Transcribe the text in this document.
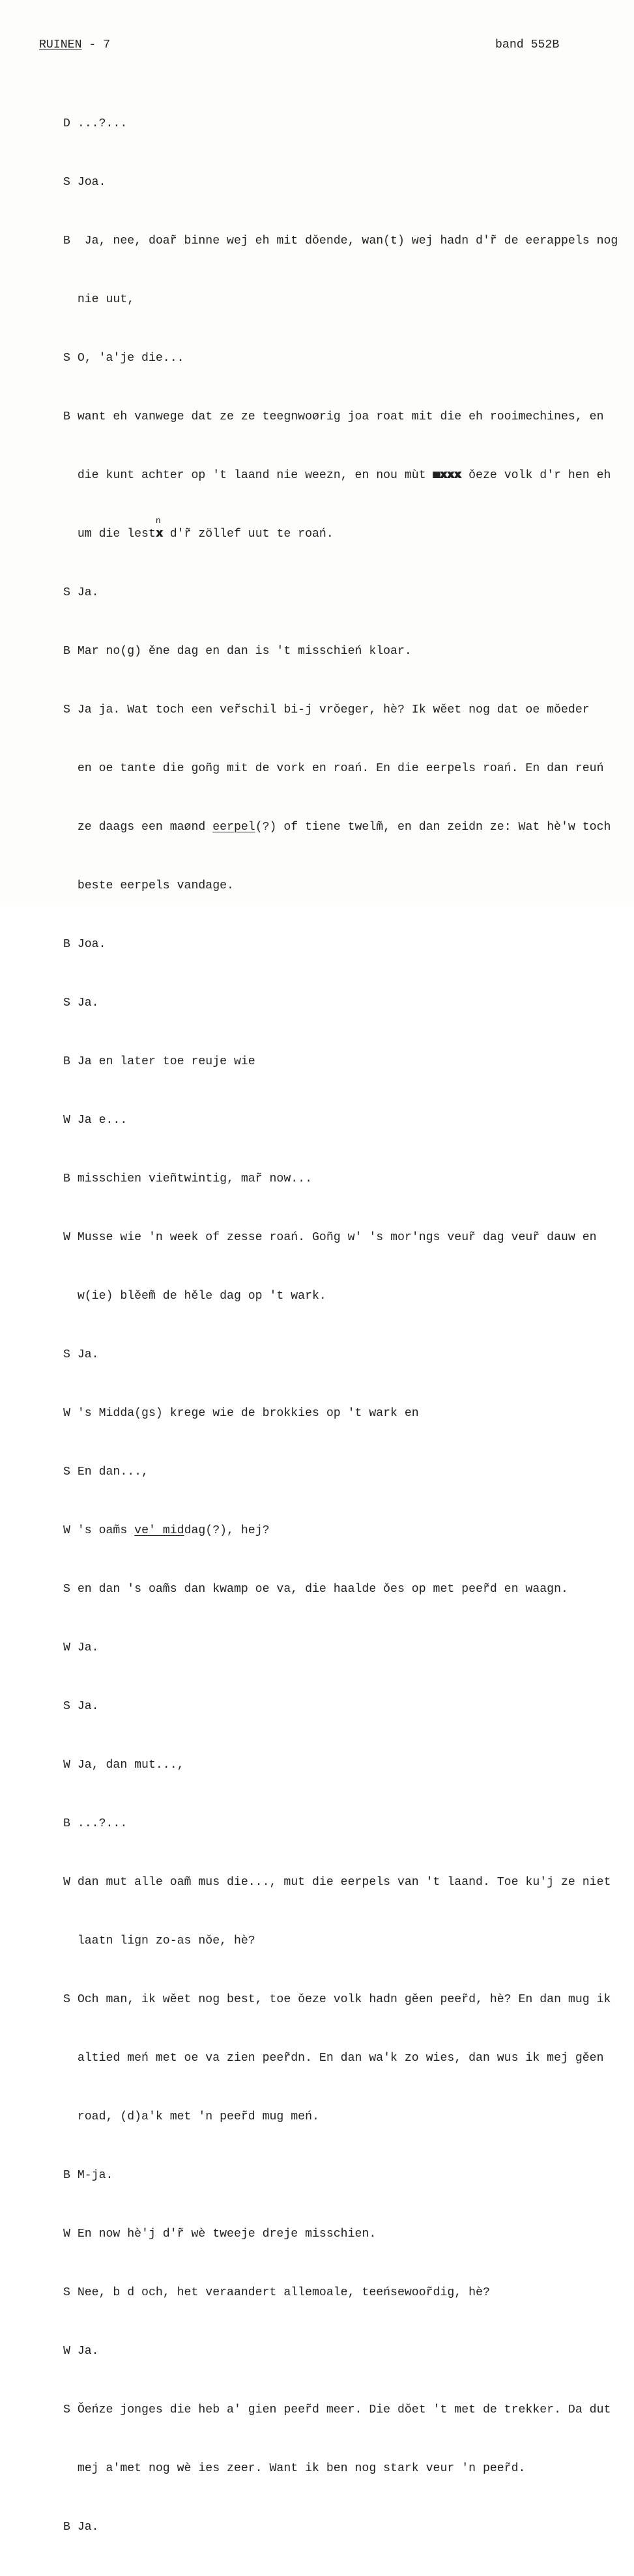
RUINEN - 7	band 552B

D ...?...

S Joa.

B Ja, nee, doar̃ binne wej eh mit dǒende, wan(t) wej hadn d'r̃ de eerappels nog

nie uut,

S O, 'a'je die...

B want eh vanwege dat ze ze teegnwoørig joa roat mit die eh rooimechines, en

die kunt achter op 't laand nie weezn, en nou mùt mxxx ǒeze volk d'r hen eh

um die lestx
n
d'r̃ zöllef uut te roań.

S Ja.

B Mar no(g) ěne dag en dan is 't misschień kloar.

S Ja ja. Wat toch een ver̃schil bi-j vrǒeger, hè? Ik wěet nog dat oe mǒeder

en oe tante die goñg mit de vork en roań. En die eerpels roań. En dan reuń

ze daags een maønd eerpel(?) of tiene twelm̃, en dan zeidn ze: Wat hè'w toch

beste eerpels vandage.

B Joa.

S Ja.

B Ja en later toe reuje wie

W Ja e...

B misschien vieñtwintig, mar̃ now...

W Musse wie 'n week of zesse roań. Goñg w' 's mor'ngs veur̃ dag veur̃ dauw en

w(ie) blěem̃ de hěle dag op 't wark.

S Ja.

W 's Midda(gs) krege wie de brokkies op 't wark en

S En dan...,

W 's oam̃s ve' middag(?), hej?

S en dan 's oam̃s dan kwamp oe va, die haalde ǒes op met peer̃d en waagn.

W Ja.

S Ja.

W Ja, dan mut...,

B ...?...

W dan mut alle oam̃ mus die..., mut die eerpels van 't laand. Toe ku'j ze niet

laatn lign zo-as nǒe, hè?

S Och man, ik wěet nog best, toe ǒeze volk hadn gěen peer̃d, hè? En dan mug ik

altied meń met oe va zien peer̃dn. En dan wa'k zo wies, dan wus ik mej gěen

road, (d)a'k met 'n peer̃d mug meń.

B M-ja.

W En now hè'j d'r̃ wè tweeje dreje misschien.

S Nee, b d och, het veraandert allemoale, teeńsewoor̃dig, hè?

W Ja.

S Ǒeńze jonges die heb a' gien peer̃d meer. Die dǒet 't met de trekker. Da dut

mej a'met nog wè ies zeer. Want ik ben nog stark veur 'n peer̃d.

B Ja.
